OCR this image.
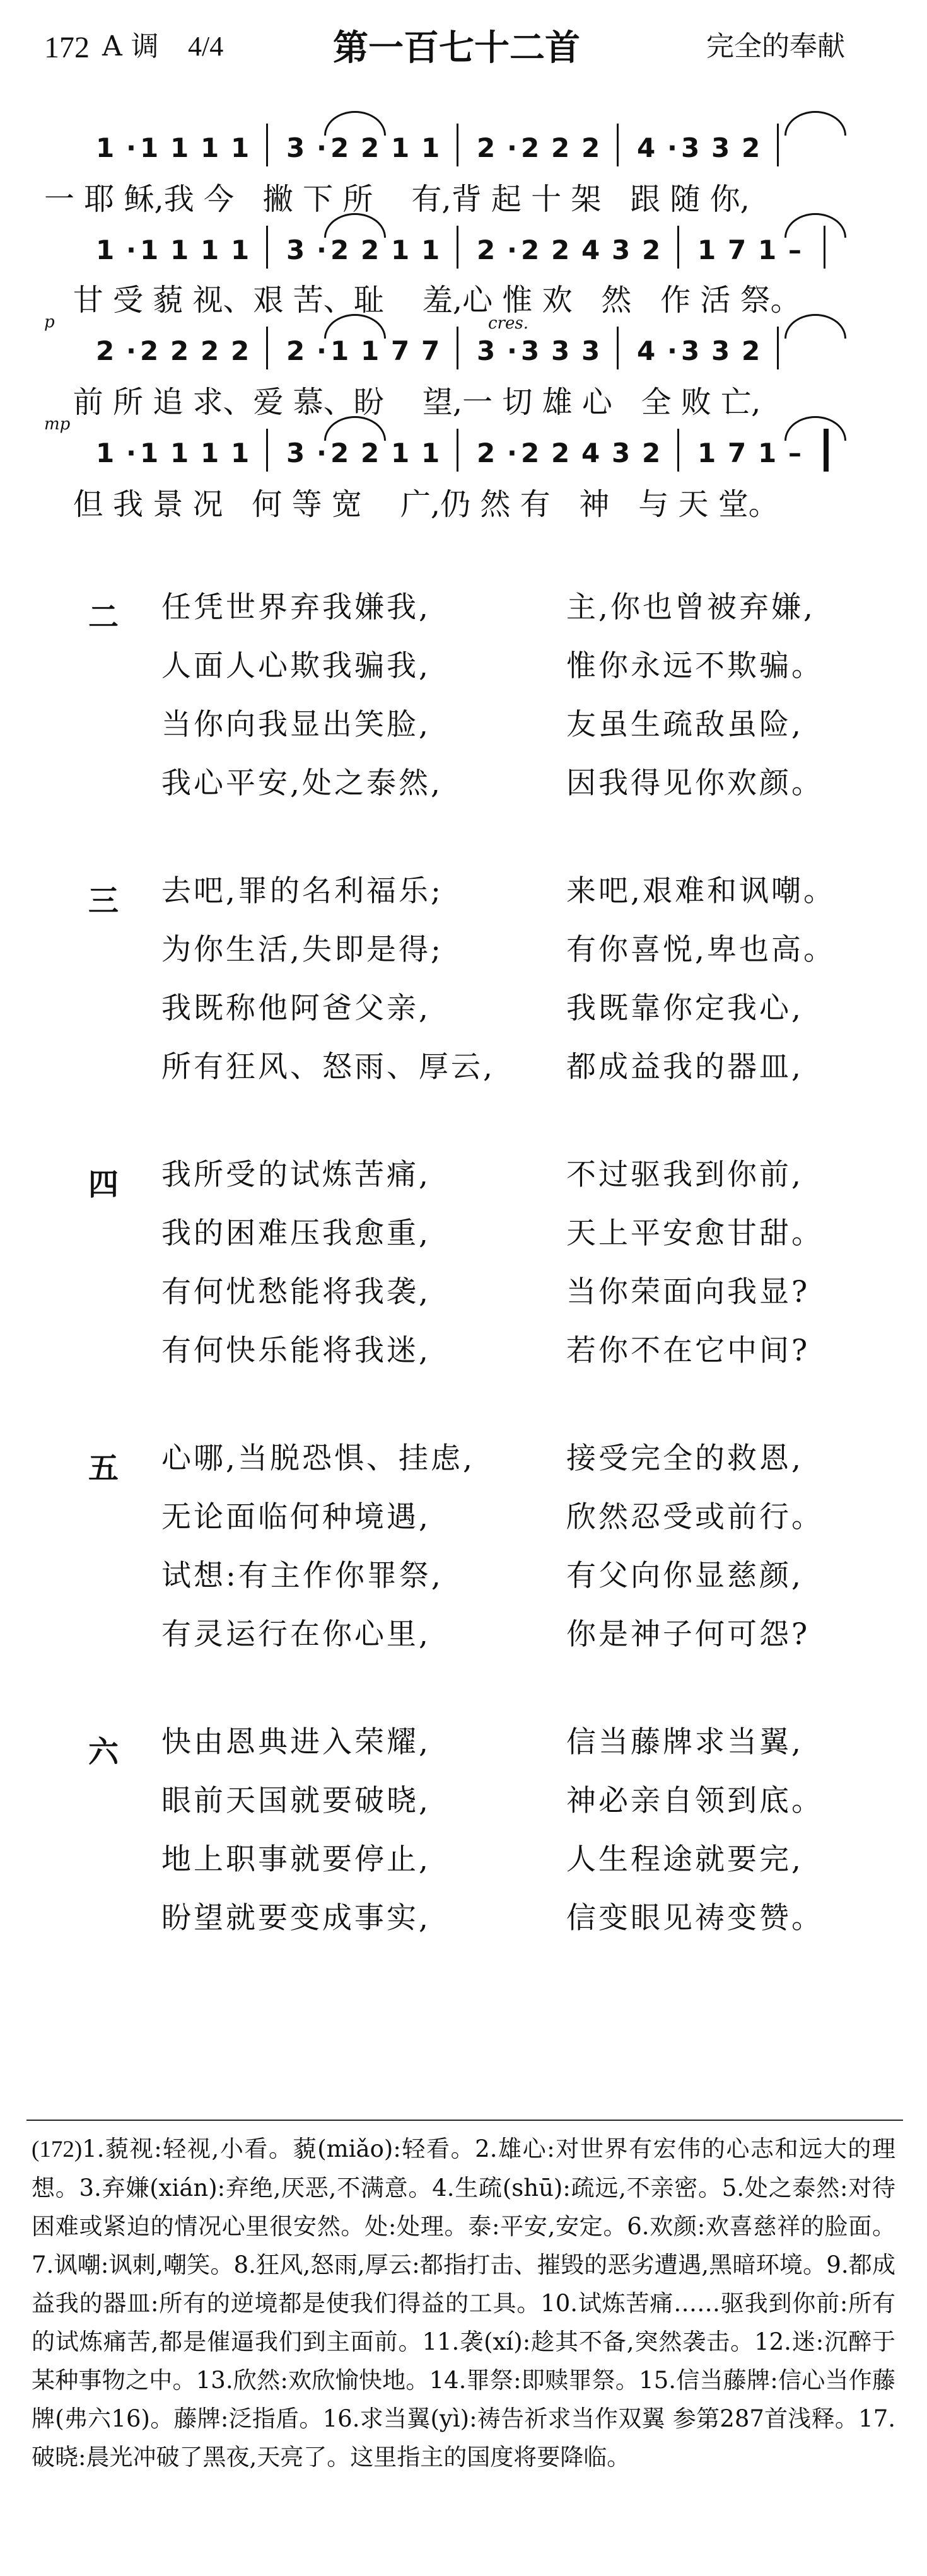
172 A 调 4/4	第一百七十二首	完全的奉献
1 · 1 1 1 1 3 · 2 2 1 1 2 · 2 2 2 4 · 3 3 2
1 · 1 1 1 1 3 · 2 2 1 1 2 · 2 2 4 3 2 1 7 1 –
2 · 2 2 2 2 2 · 1 1 7 7 3 · 3 3 3 4 · 3 3 2
p	cres.
1 · 1 1 1 1 3 · 2 2 1 1 2 · 2 2 4 3 2 1 7 1 –
mp
一 耶 稣,我 今   撇 下 所    有,背 起 十 架   跟 随 你,
甘 受 藐 视、艰 苦、耻    羞,心 惟 欢   然   作 活 祭。
前 所 追 求、爱 慕、盼    望,一 切 雄 心   全 败 亡,
但 我 景 况   何 等 宽    广,仍 然 有   神   与 天 堂。
二 任凭世界弃我嫌我,	主,你也曾被弃嫌,
人面人心欺我骗我,	惟你永远不欺骗。
当你向我显出笑脸,	友虽生疏敌虽险,
我心平安,处之泰然,	因我得见你欢颜。
三 去吧,罪的名利福乐;	来吧,艰难和讽嘲。
为你生活,失即是得;	有你喜悦,卑也高。
我既称他阿爸父亲,	我既靠你定我心,
所有狂风、怒雨、厚云, 都成益我的器皿,
四 我所受的试炼苦痛,	不过驱我到你前,
我的困难压我愈重,	天上平安愈甘甜。
有何忧愁能将我袭,	当你荣面向我显?
有何快乐能将我迷,	若你不在它中间?
五 心哪,当脱恐惧、挂虑,	接受完全的救恩,
无论面临何种境遇,	欣然忍受或前行。
试想:有主作你罪祭,	有父向你显慈颜,
有灵运行在你心里,	你是神子何可怨?
六 快由恩典进入荣耀,	信当藤牌求当翼,
眼前天国就要破晓,	神必亲自领到底。
地上职事就要停止,	人生程途就要完,
盼望就要变成事实,	信变眼见祷变赞。
(172)1.藐视:轻视,小看。藐(miǎo):轻看。2.雄心:对世界有宏伟的心志和远大的理想。3.弃嫌(xián):弃绝,厌恶,不满意。4.生疏(shū):疏远,不亲密。5.处之泰然:对待困难或紧迫的情况心里很安然。处:处理。泰:平安,安定。6.欢颜:欢喜慈祥的脸面。7.讽嘲:讽刺,嘲笑。8.狂风,怒雨,厚云:都指打击、摧毁的恶劣遭遇,黑暗环境。9.都成益我的器皿:所有的逆境都是使我们得益的工具。10.试炼苦痛……驱我到你前:所有的试炼痛苦,都是催逼我们到主面前。11.袭(xí):趁其不备,突然袭击。12.迷:沉醉于某种事物之中。13.欣然:欢欣愉快地。14.罪祭:即赎罪祭。15.信当藤牌:信心当作藤牌(弗六16)。藤牌:泛指盾。16.求当翼(yì):祷告祈求当作双翼 参第287首浅释。17.破晓:晨光冲破了黑夜,天亮了。这里指主的国度将要降临。
